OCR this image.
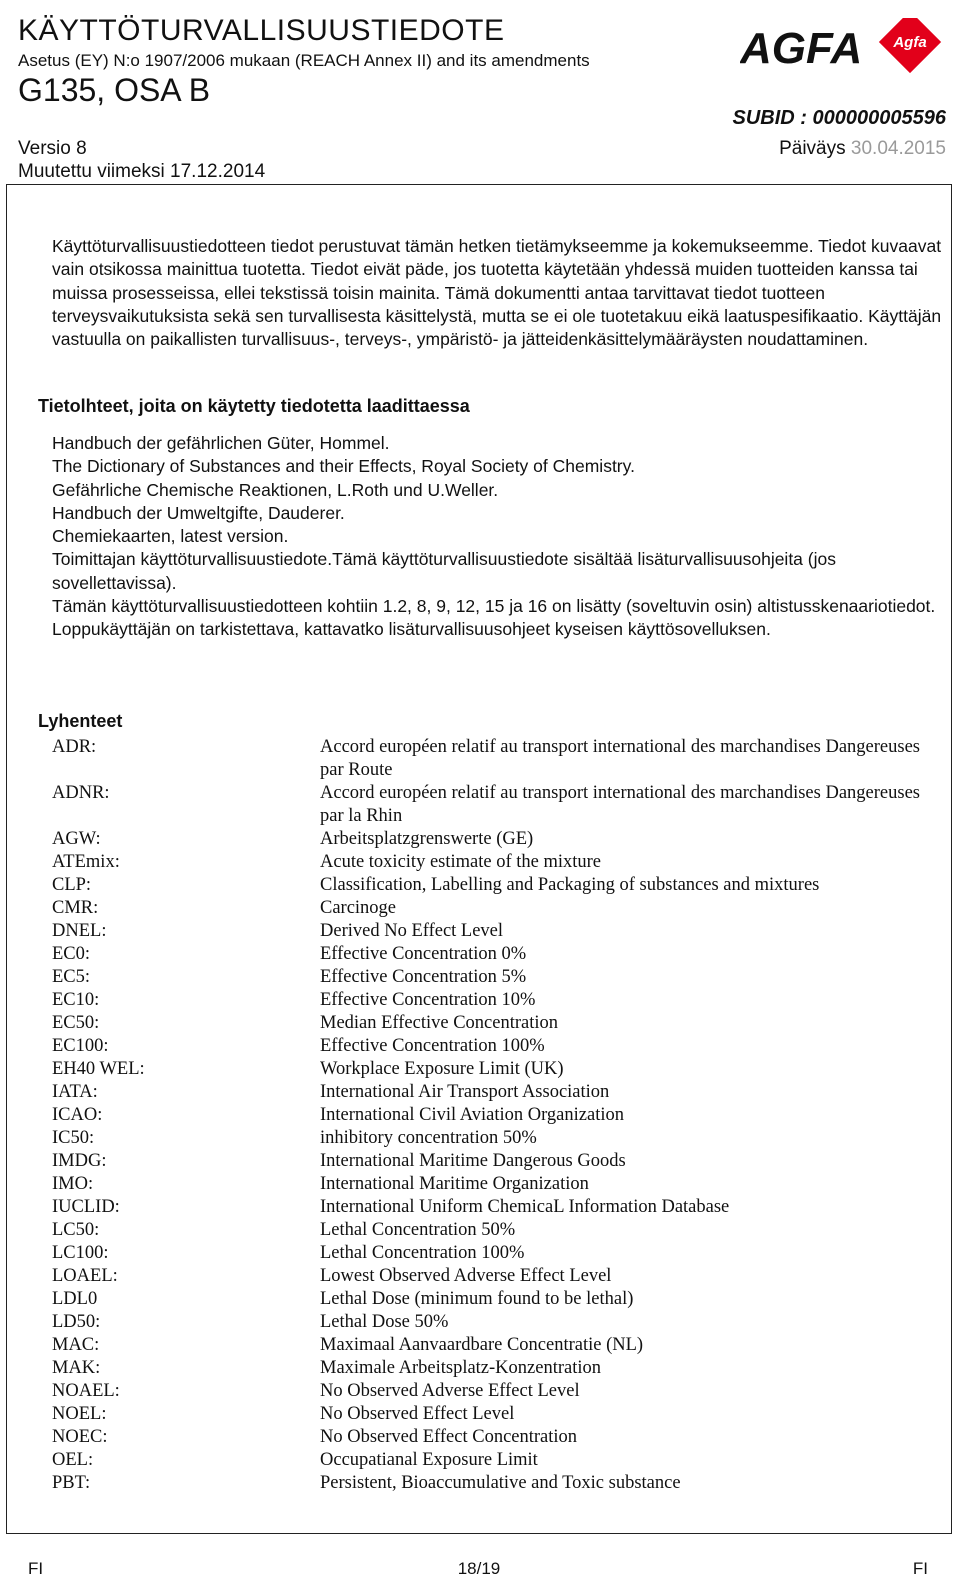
KÄYTTÖTURVALLISUUSTIEDOTE
Asetus (EY) N:o 1907/2006 mukaan (REACH Annex II) and its amendments
G135, OSA B
SUBID : 000000005596
Versio 8
Muutettu viimeksi 17.12.2014
Päiväys 30.04.2015
AGFA Agfa

Käyttöturvallisuustiedotteen tiedot perustuvat tämän hetken tietämykseemme ja kokemukseemme. Tiedot kuvaavat vain otsikossa mainittua tuotetta. Tiedot eivät päde, jos tuotetta käytetään yhdessä muiden tuotteiden kanssa tai muissa prosesseissa, ellei tekstissä toisin mainita. Tämä dokumentti antaa tarvittavat tiedot tuotteen terveysvaikutuksista sekä sen turvallisesta käsittelystä, mutta se ei ole tuotetakuu eikä laatuspesifikaatio. Käyttäjän vastuulla on paikallisten turvallisuus-, terveys-, ympäristö- ja jätteidenkäsittelymääräysten noudattaminen.

Tietolhteet, joita on käytetty tiedotetta laadittaessa
Handbuch der gefährlichen Güter, Hommel.
The Dictionary of Substances and their Effects, Royal Society of Chemistry.
Gefährliche Chemische Reaktionen, L.Roth und U.Weller.
Handbuch der Umweltgifte, Dauderer.
Chemiekaarten, latest version.
Toimittajan käyttöturvallisuustiedote.Tämä käyttöturvallisuustiedote sisältää lisäturvallisuusohjeita (jos sovellettavissa).
Tämän käyttöturvallisuustiedotteen kohtiin 1.2, 8, 9, 12, 15 ja 16 on lisätty (soveltuvin osin) altistusskenaariotiedot. Loppukäyttäjän on tarkistettava, kattavatko lisäturvallisuusohjeet kyseisen käyttösovelluksen.
Lyhenteet
ADR:	Accord européen relatif au transport international des marchandises Dangereuses par Route
ADNR:	Accord européen relatif au transport international des marchandises Dangereuses par la Rhin
AGW:	Arbeitsplatzgrenswerte (GE)
ATEmix:	Acute toxicity estimate of the mixture
CLP:	Classification, Labelling and Packaging of substances and mixtures
CMR:	Carcinoge
DNEL:	Derived No Effect Level
EC0:	Effective Concentration 0%
EC5:	Effective Concentration 5%
EC10:	Effective Concentration 10%
EC50:	Median Effective Concentration
EC100:	Effective Concentration 100%
EH40 WEL:	Workplace Exposure Limit (UK)
IATA:	International Air Transport Association
ICAO:	International Civil Aviation Organization
IC50:	inhibitory concentration 50%
IMDG:	International Maritime Dangerous Goods
IMO:	International Maritime Organization
IUCLID:	International Uniform ChemicaL Information Database
LC50:	Lethal Concentration 50%
LC100:	Lethal Concentration 100%
LOAEL:	Lowest Observed Adverse Effect Level
LDL0	Lethal Dose (minimum found to be lethal)
LD50:	Lethal Dose 50%
MAC:	Maximaal Aanvaardbare Concentratie (NL)
MAK:	Maximale Arbeitsplatz-Konzentration
NOAEL:	No Observed Adverse Effect Level
NOEL:	No Observed Effect Level
NOEC:	No Observed Effect Concentration
OEL:	Occupatianal Exposure Limit
PBT:	Persistent, Bioaccumulative and Toxic substance
FI	18/19	FI
